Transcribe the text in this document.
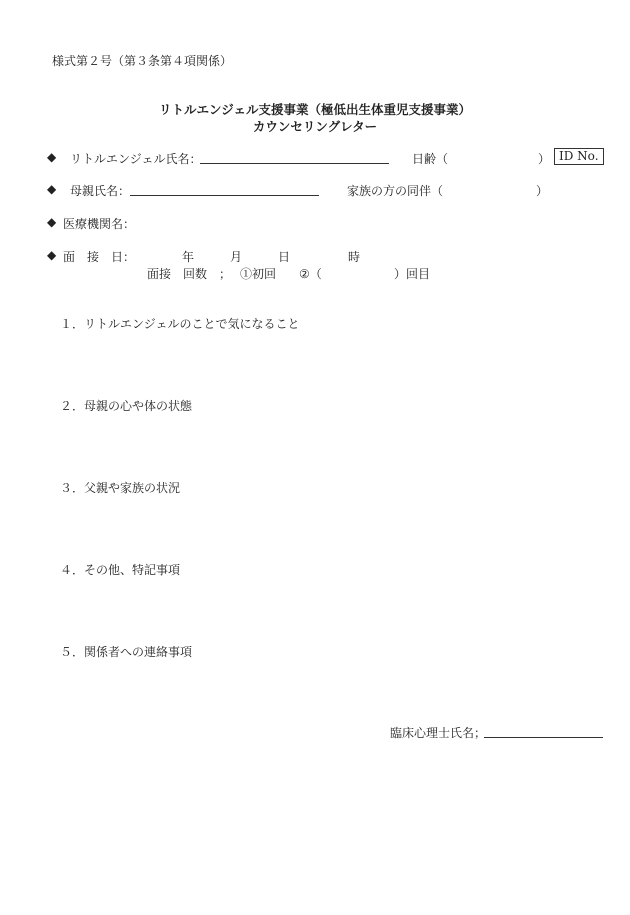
様式第２号（第３条第４項関係）
リトルエンジェル支援事業（極低出生体重児支援事業）
カウンセリングレター
◆ リトルエンジェル氏名：	日齢（	） ID No.
◆ 母親氏名：	家族の方の同伴（	）
◆ 医療機関名：
◆ 面　接　日：	年	月	日	時
面接　回数　； ①初回 ②（	）回目
１．リトルエンジェルのことで気になること
２．母親の心や体の状態
３．父親や家族の状況
４．その他、特記事項
５．関係者への連絡事項
臨床心理士氏名；
